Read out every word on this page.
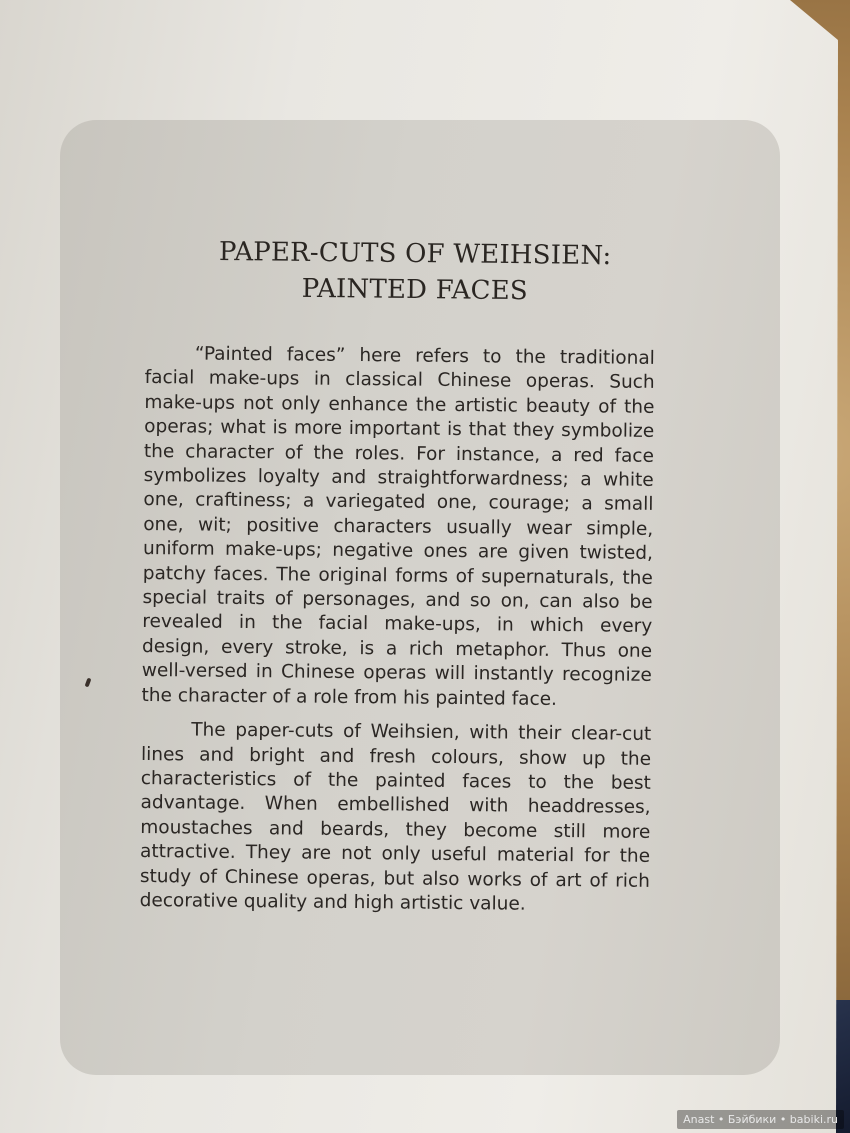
PAPER-CUTS OF WEIHSIEN:
PAINTED FACES

“Painted faces” here refers to the traditional facial make-ups in classical Chinese operas. Such make-ups not only enhance the artistic beauty of the operas; what is more important is that they symbolize the character of the roles. For instance, a red face symbolizes loyalty and straightforwardness; a white one, craftiness; a variegated one, courage; a small one, wit; positive characters usually wear simple, uniform make-ups; negative ones are given twisted, patchy faces. The original forms of supernaturals, the special traits of personages, and so on, can also be revealed in the facial make-ups, in which every design, every stroke, is a rich metaphor. Thus one well-versed in Chinese operas will instantly recognize the character of a role from his painted face.

The paper-cuts of Weihsien, with their clear-cut lines and bright and fresh colours, show up the characteristics of the painted faces to the best advantage. When embellished with headdresses, moustaches and beards, they become still more attractive. They are not only useful material for the study of Chinese operas, but also works of art of rich decorative quality and high artistic value.

Anast • Бэйбики • babiki.ru
